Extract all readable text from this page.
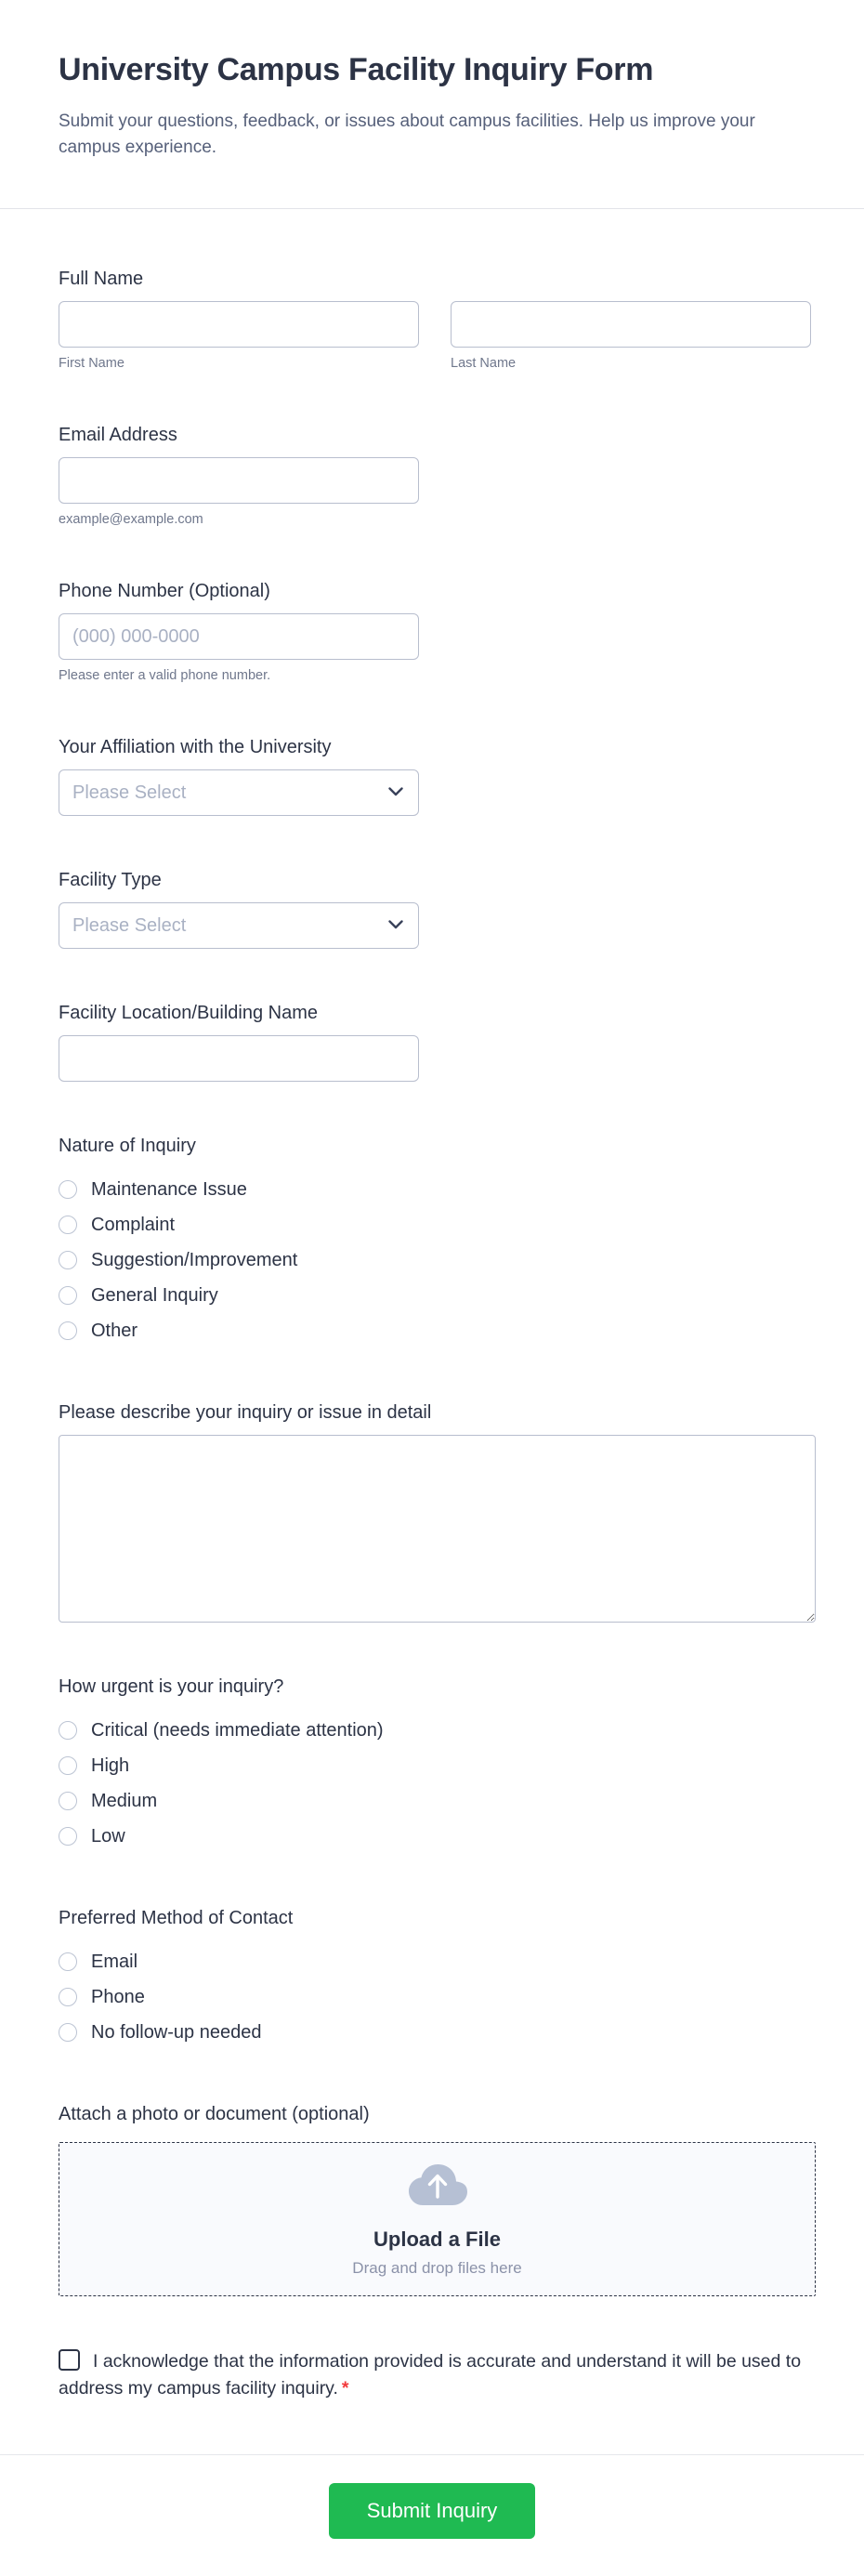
University Campus Facility Inquiry Form

Submit your questions, feedback, or issues about campus facilities. Help us improve your campus experience.

Full Name
First Name	Last Name
Email Address
example@example.com
Phone Number (Optional)
(000) 000-0000
Please enter a valid phone number.
Your Affiliation with the University
Please Select
Facility Type
Please Select
Facility Location/Building Name
Nature of Inquiry
Maintenance Issue
Complaint
Suggestion/Improvement
General Inquiry
Other
Please describe your inquiry or issue in detail
How urgent is your inquiry?
Critical (needs immediate attention)
High
Medium
Low
Preferred Method of Contact
Email
Phone
No follow-up needed
Attach a photo or document (optional)
Upload a File
Drag and drop files here
I acknowledge that the information provided is accurate and understand it will be used to address my campus facility inquiry. *
Submit Inquiry
